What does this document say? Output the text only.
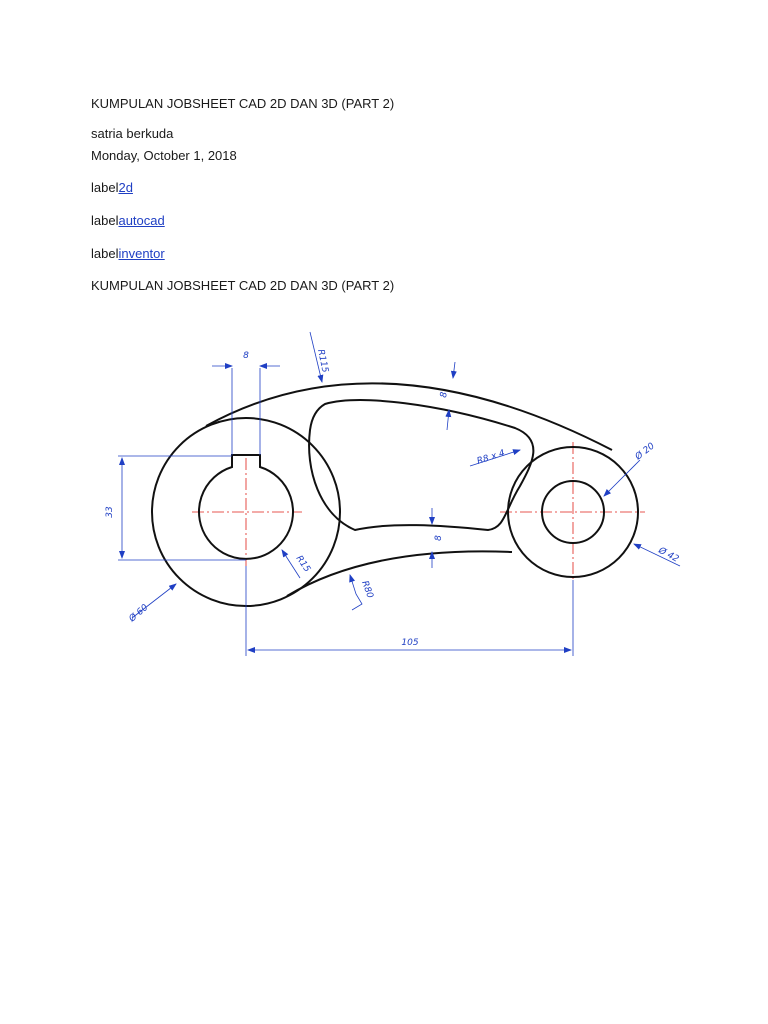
KUMPULAN JOBSHEET CAD 2D DAN 3D (PART 2)
satria berkuda
Monday, October 1, 2018
label2d
labelautocad
labelinventor
KUMPULAN JOBSHEET CAD 2D DAN 3D (PART 2)
8	R115
8
R8 x 4	Ø 20
33
8
R15
R80
Ø 60
Ø 42
105
